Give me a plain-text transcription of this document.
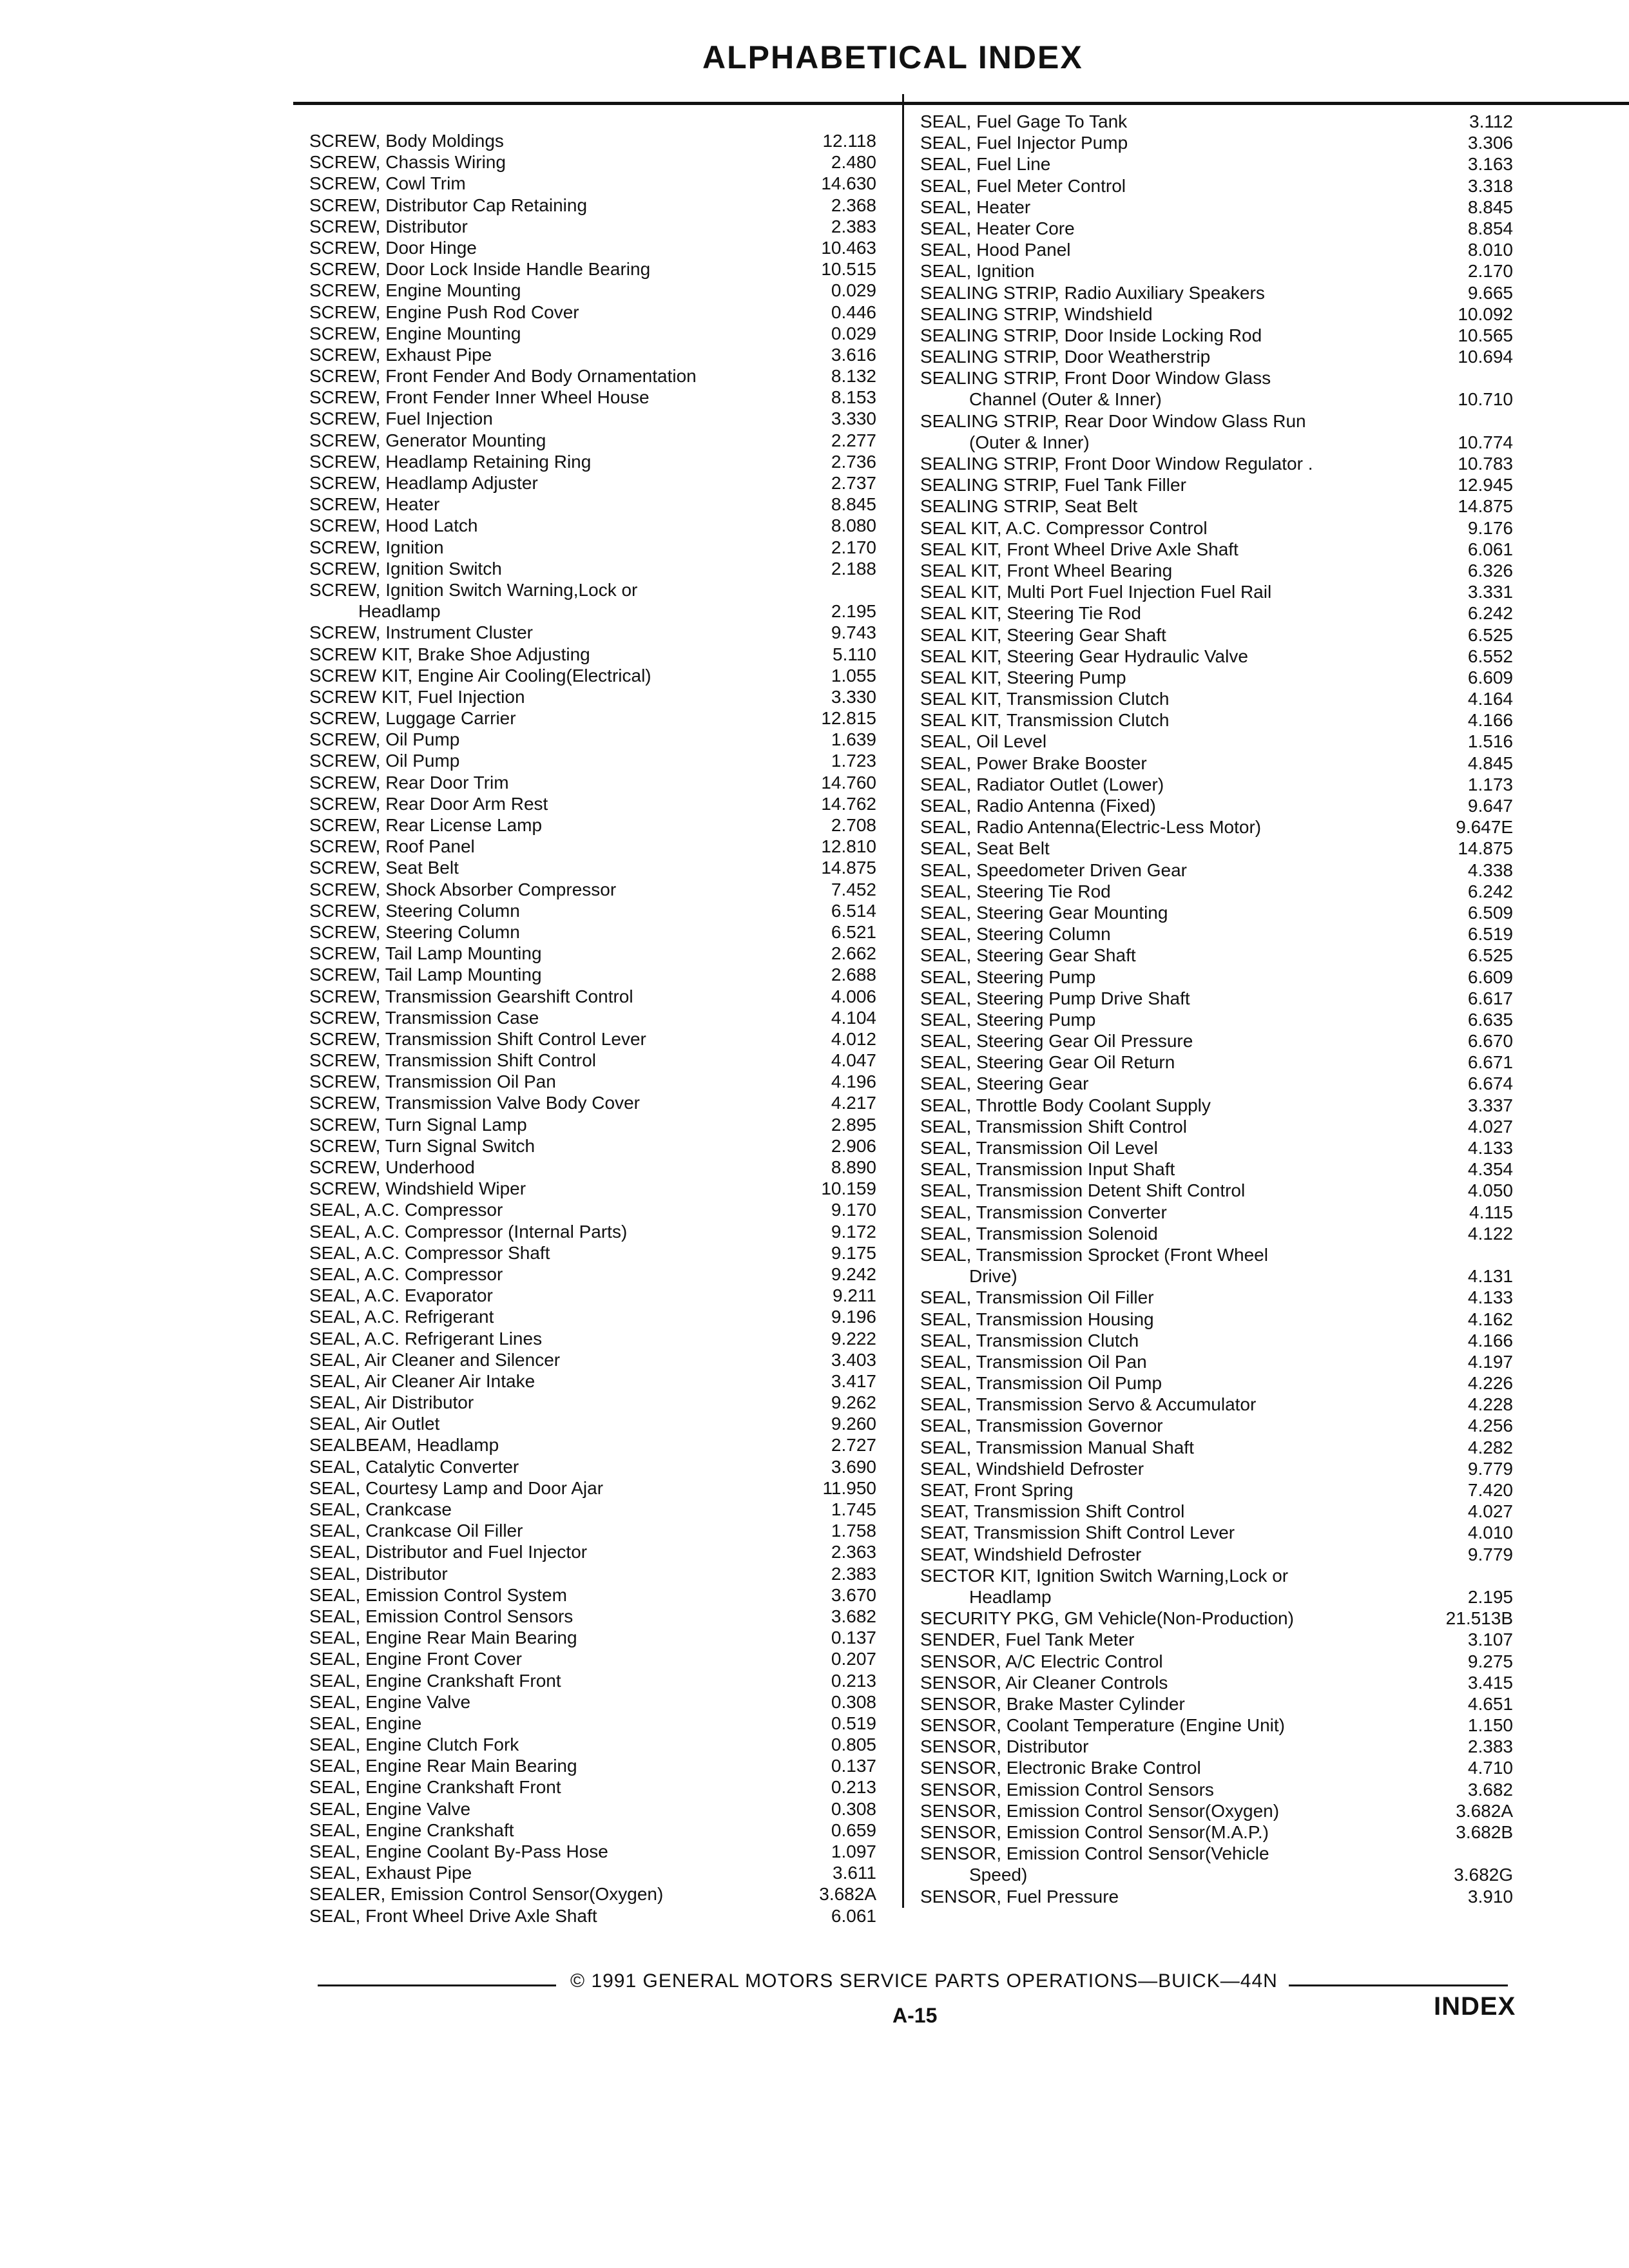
ALPHABETICAL INDEX
SCREW, Body Moldings	12.118
SCREW, Chassis Wiring	2.480
SCREW, Cowl Trim	14.630
SCREW, Distributor Cap Retaining	2.368
SCREW, Distributor	2.383
SCREW, Door Hinge	10.463
SCREW, Door Lock Inside Handle Bearing	10.515
SCREW, Engine Mounting	0.029
SCREW, Engine Push Rod Cover	0.446
SCREW, Engine Mounting	0.029
SCREW, Exhaust Pipe	3.616
SCREW, Front Fender And Body Ornamentation	8.132
SCREW, Front Fender Inner Wheel House	8.153
SCREW, Fuel Injection	3.330
SCREW, Generator Mounting	2.277
SCREW, Headlamp Retaining Ring	2.736
SCREW, Headlamp Adjuster	2.737
SCREW, Heater	8.845
SCREW, Hood Latch	8.080
SCREW, Ignition	2.170
SCREW, Ignition Switch	2.188
SCREW, Ignition Switch Warning,Lock or
Headlamp	2.195
SCREW, Instrument Cluster	9.743
SCREW KIT, Brake Shoe Adjusting	5.110
SCREW KIT, Engine Air Cooling(Electrical)	1.055
SCREW KIT, Fuel Injection	3.330
SCREW, Luggage Carrier	12.815
SCREW, Oil Pump	1.639
SCREW, Oil Pump	1.723
SCREW, Rear Door Trim	14.760
SCREW, Rear Door Arm Rest	14.762
SCREW, Rear License Lamp	2.708
SCREW, Roof Panel	12.810
SCREW, Seat Belt	14.875
SCREW, Shock Absorber Compressor	7.452
SCREW, Steering Column	6.514
SCREW, Steering Column	6.521
SCREW, Tail Lamp Mounting	2.662
SCREW, Tail Lamp Mounting	2.688
SCREW, Transmission Gearshift Control	4.006
SCREW, Transmission Case	4.104
SCREW, Transmission Shift Control Lever	4.012
SCREW, Transmission Shift Control	4.047
SCREW, Transmission Oil Pan	4.196
SCREW, Transmission Valve Body Cover	4.217
SCREW, Turn Signal Lamp	2.895
SCREW, Turn Signal Switch	2.906
SCREW, Underhood	8.890
SCREW, Windshield Wiper	10.159
SEAL, A.C. Compressor	9.170
SEAL, A.C. Compressor (Internal Parts)	9.172
SEAL, A.C. Compressor Shaft	9.175
SEAL, A.C. Compressor	9.242
SEAL, A.C. Evaporator	9.211
SEAL, A.C. Refrigerant	9.196
SEAL, A.C. Refrigerant Lines	9.222
SEAL, Air Cleaner and Silencer	3.403
SEAL, Air Cleaner Air Intake	3.417
SEAL, Air Distributor	9.262
SEAL, Air Outlet	9.260
SEALBEAM, Headlamp	2.727
SEAL, Catalytic Converter	3.690
SEAL, Courtesy Lamp and Door Ajar	11.950
SEAL, Crankcase	1.745
SEAL, Crankcase Oil Filler	1.758
SEAL, Distributor and Fuel Injector	2.363
SEAL, Distributor	2.383
SEAL, Emission Control System	3.670
SEAL, Emission Control Sensors	3.682
SEAL, Engine Rear Main Bearing	0.137
SEAL, Engine Front Cover	0.207
SEAL, Engine Crankshaft Front	0.213
SEAL, Engine Valve	0.308
SEAL, Engine	0.519
SEAL, Engine Clutch Fork	0.805
SEAL, Engine Rear Main Bearing	0.137
SEAL, Engine Crankshaft Front	0.213
SEAL, Engine Valve	0.308
SEAL, Engine Crankshaft	0.659
SEAL, Engine Coolant By-Pass Hose	1.097
SEAL, Exhaust Pipe	3.611
SEALER, Emission Control Sensor(Oxygen)	3.682A
SEAL, Front Wheel Drive Axle Shaft	6.061
SEAL, Fuel Gage To Tank	3.112
SEAL, Fuel Injector Pump	3.306
SEAL, Fuel Line	3.163
SEAL, Fuel Meter Control	3.318
SEAL, Heater	8.845
SEAL, Heater Core	8.854
SEAL, Hood Panel	8.010
SEAL, Ignition	2.170
SEALING STRIP, Radio Auxiliary Speakers	9.665
SEALING STRIP, Windshield	10.092
SEALING STRIP, Door Inside Locking Rod	10.565
SEALING STRIP, Door Weatherstrip	10.694
SEALING STRIP, Front Door Window Glass
Channel (Outer & Inner)	10.710
SEALING STRIP, Rear Door Window Glass Run
(Outer & Inner)	10.774
SEALING STRIP, Front Door Window Regulator .	10.783
SEALING STRIP, Fuel Tank Filler	12.945
SEALING STRIP, Seat Belt	14.875
SEAL KIT, A.C. Compressor Control	9.176
SEAL KIT, Front Wheel Drive Axle Shaft	6.061
SEAL KIT, Front Wheel Bearing	6.326
SEAL KIT, Multi Port Fuel Injection Fuel Rail	3.331
SEAL KIT, Steering Tie Rod	6.242
SEAL KIT, Steering Gear Shaft	6.525
SEAL KIT, Steering Gear Hydraulic Valve	6.552
SEAL KIT, Steering Pump	6.609
SEAL KIT, Transmission Clutch	4.164
SEAL KIT, Transmission Clutch	4.166
SEAL, Oil Level	1.516
SEAL, Power Brake Booster	4.845
SEAL, Radiator Outlet (Lower)	1.173
SEAL, Radio Antenna (Fixed)	9.647
SEAL, Radio Antenna(Electric-Less Motor)	9.647E
SEAL, Seat Belt	14.875
SEAL, Speedometer Driven Gear	4.338
SEAL, Steering Tie Rod	6.242
SEAL, Steering Gear Mounting	6.509
SEAL, Steering Column	6.519
SEAL, Steering Gear Shaft	6.525
SEAL, Steering Pump	6.609
SEAL, Steering Pump Drive Shaft	6.617
SEAL, Steering Pump	6.635
SEAL, Steering Gear Oil Pressure	6.670
SEAL, Steering Gear Oil Return	6.671
SEAL, Steering Gear	6.674
SEAL, Throttle Body Coolant Supply	3.337
SEAL, Transmission Shift Control	4.027
SEAL, Transmission Oil Level	4.133
SEAL, Transmission Input Shaft	4.354
SEAL, Transmission Detent Shift Control	4.050
SEAL, Transmission Converter	4.115
SEAL, Transmission Solenoid	4.122
SEAL, Transmission Sprocket (Front Wheel
Drive)	4.131
SEAL, Transmission Oil Filler	4.133
SEAL, Transmission Housing	4.162
SEAL, Transmission Clutch	4.166
SEAL, Transmission Oil Pan	4.197
SEAL, Transmission Oil Pump	4.226
SEAL, Transmission Servo & Accumulator	4.228
SEAL, Transmission Governor	4.256
SEAL, Transmission Manual Shaft	4.282
SEAL, Windshield Defroster	9.779
SEAT, Front Spring	7.420
SEAT, Transmission Shift Control	4.027
SEAT, Transmission Shift Control Lever	4.010
SEAT, Windshield Defroster	9.779
SECTOR KIT, Ignition Switch Warning,Lock or
Headlamp	2.195
SECURITY PKG, GM Vehicle(Non-Production)	21.513B
SENDER, Fuel Tank Meter	3.107
SENSOR, A/C Electric Control	9.275
SENSOR, Air Cleaner Controls	3.415
SENSOR, Brake Master Cylinder	4.651
SENSOR, Coolant Temperature (Engine Unit)	1.150
SENSOR, Distributor	2.383
SENSOR, Electronic Brake Control	4.710
SENSOR, Emission Control Sensors	3.682
SENSOR, Emission Control Sensor(Oxygen)	3.682A
SENSOR, Emission Control Sensor(M.A.P.)	3.682B
SENSOR, Emission Control Sensor(Vehicle
Speed)	3.682G
SENSOR, Fuel Pressure	3.910
© 1991 GENERAL MOTORS SERVICE PARTS OPERATIONS—BUICK—44N
A-15	INDEX
